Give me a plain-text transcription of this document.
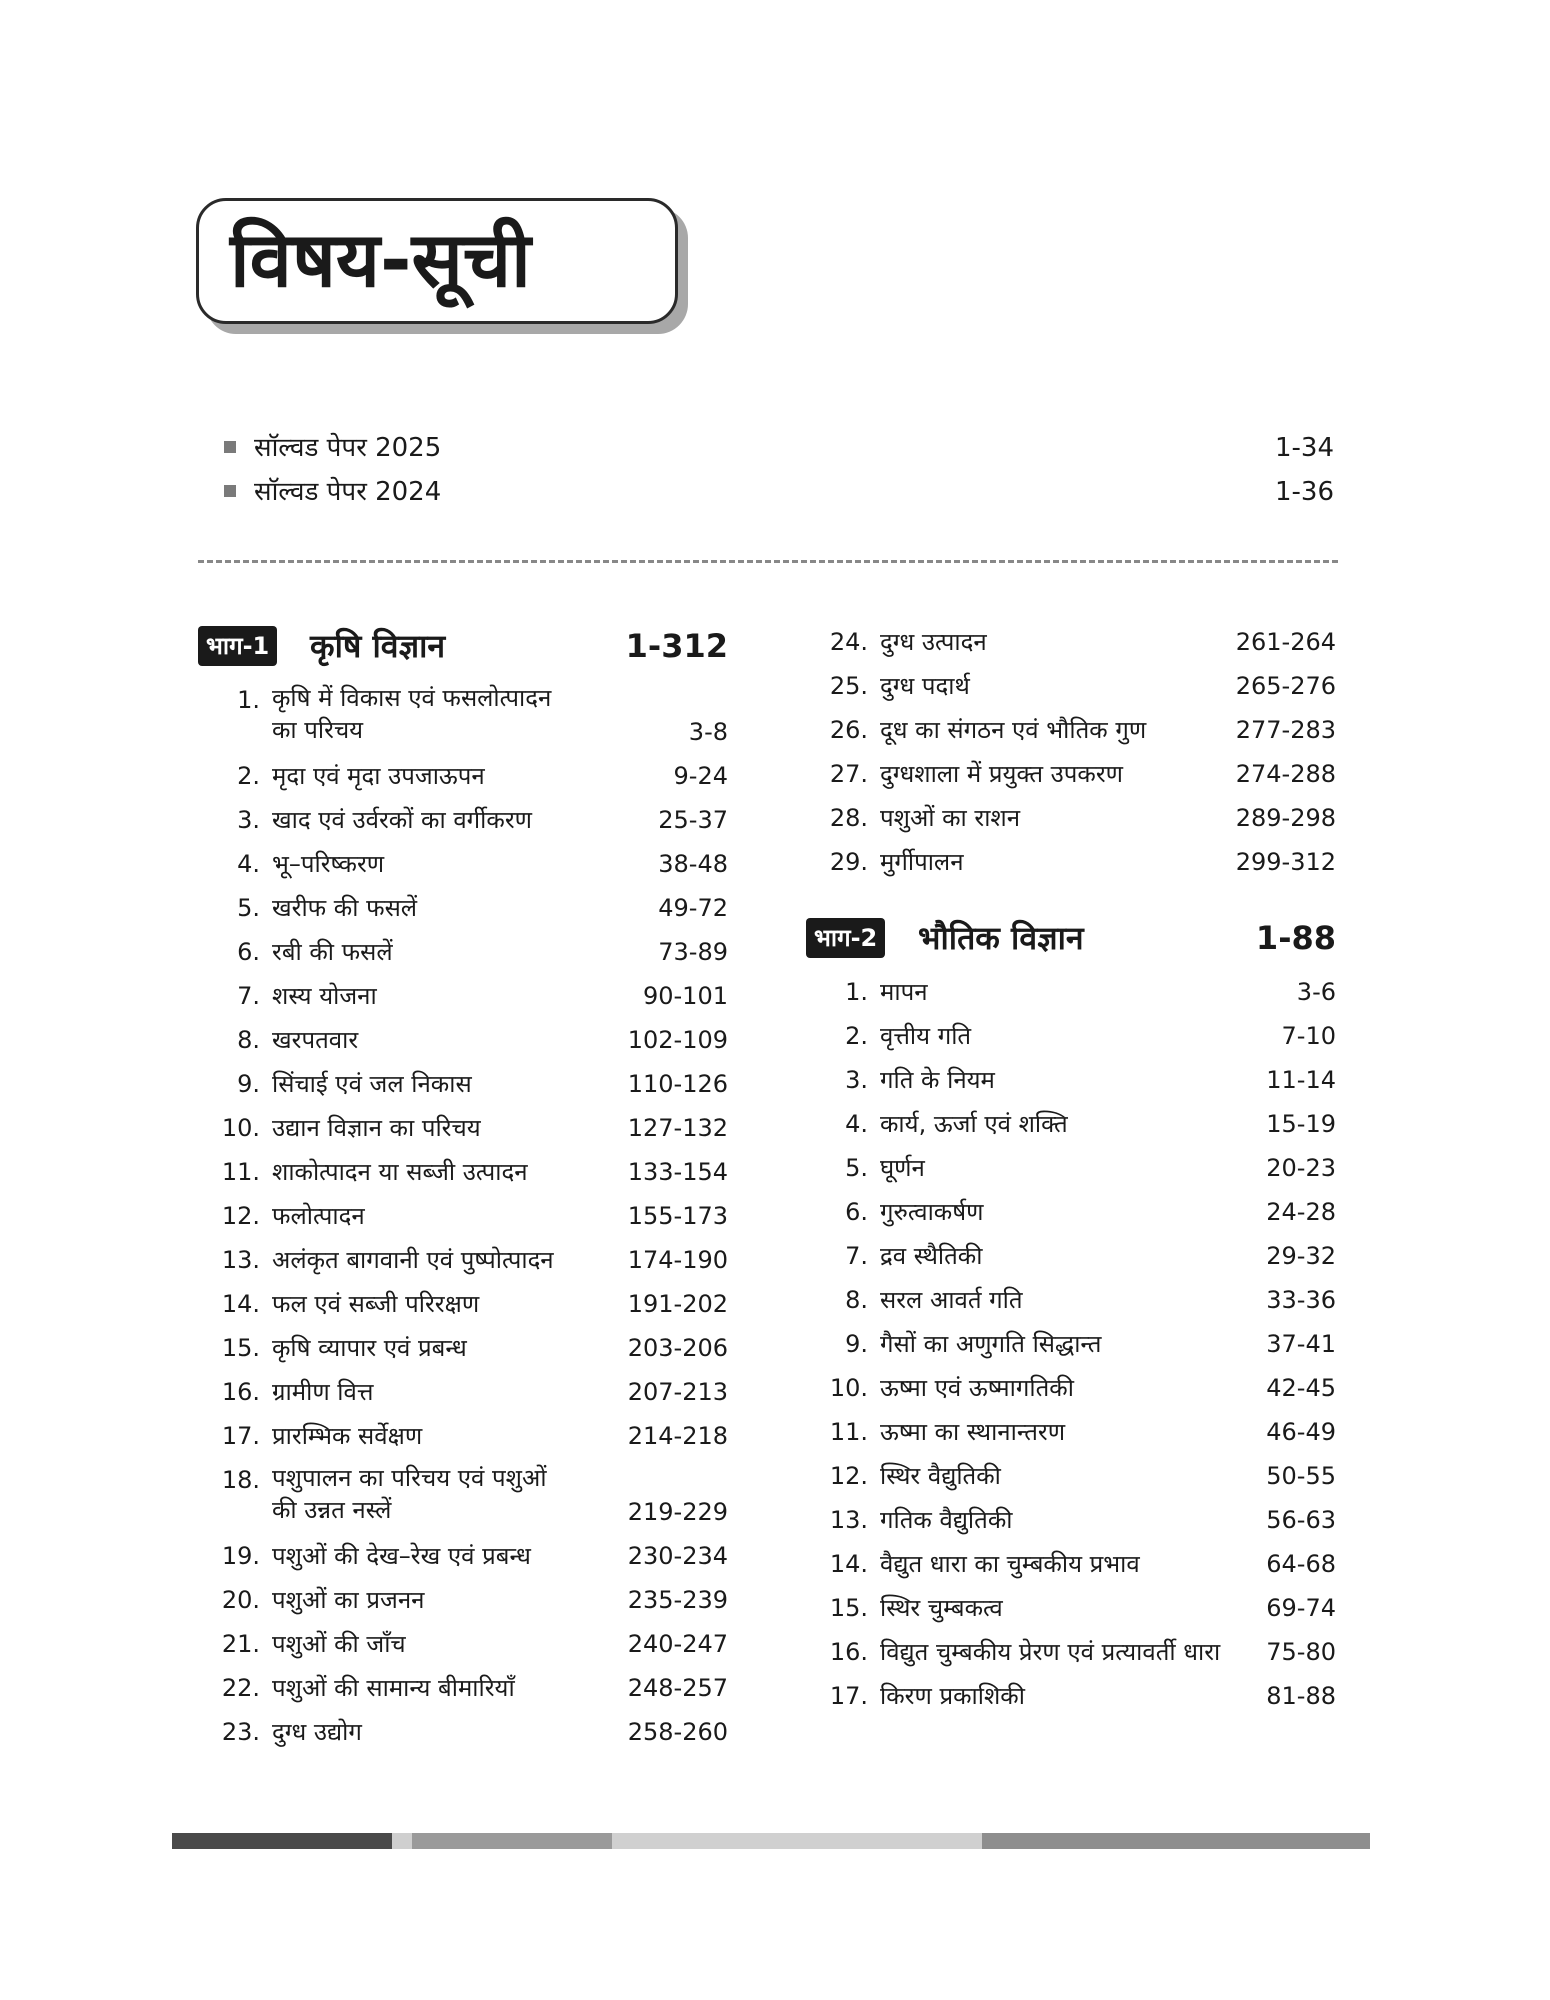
विषय-सूची
सॉल्वड पेपर 2025	1-34
सॉल्वड पेपर 2024	1-36
भाग-1 कृषि विज्ञान	1-312
1. कृषि में विकास एवं फसलोत्पादन
का परिचय	3-8
2. मृदा एवं मृदा उपजाऊपन	9-24
3. खाद एवं उर्वरकों का वर्गीकरण	25-37
4. भू–परिष्करण	38-48
5. खरीफ की फसलें	49-72
6. रबी की फसलें	73-89
7. शस्य योजना	90-101
8. खरपतवार	102-109
9. सिंचाई एवं जल निकास	110-126
10. उद्यान विज्ञान का परिचय	127-132
11. शाकोत्पादन या सब्जी उत्पादन	133-154
12. फलोत्पादन	155-173
13. अलंकृत बागवानी एवं पुष्पोत्पादन	174-190
14. फल एवं सब्जी परिरक्षण	191-202
15. कृषि व्यापार एवं प्रबन्ध	203-206
16. ग्रामीण वित्त	207-213
17. प्रारम्भिक सर्वेक्षण	214-218
18. पशुपालन का परिचय एवं पशुओं
की उन्नत नस्लें	219-229
19. पशुओं की देख–रेख एवं प्रबन्ध	230-234
20. पशुओं का प्रजनन	235-239
21. पशुओं की जाँच	240-247
22. पशुओं की सामान्य बीमारियाँ	248-257
23. दुग्ध उद्योग	258-260
24. दुग्ध उत्पादन	261-264
25. दुग्ध पदार्थ	265-276
26. दूध का संगठन एवं भौतिक गुण	277-283
27. दुग्धशाला में प्रयुक्त उपकरण	274-288
28. पशुओं का राशन	289-298
29. मुर्गीपालन	299-312
भाग-2 भौतिक विज्ञान	1-88
1. मापन	3-6
2. वृत्तीय गति	7-10
3. गति के नियम	11-14
4. कार्य, ऊर्जा एवं शक्ति	15-19
5. घूर्णन	20-23
6. गुरुत्वाकर्षण	24-28
7. द्रव स्थैतिकी	29-32
8. सरल आवर्त गति	33-36
9. गैसों का अणुगति सिद्धान्त	37-41
10. ऊष्मा एवं ऊष्मागतिकी	42-45
11. ऊष्मा का स्थानान्तरण	46-49
12. स्थिर वैद्युतिकी	50-55
13. गतिक वैद्युतिकी	56-63
14. वैद्युत धारा का चुम्बकीय प्रभाव	64-68
15. स्थिर चुम्बकत्व	69-74
16. विद्युत चुम्बकीय प्रेरण एवं प्रत्यावर्ती धारा 75-80
17. किरण प्रकाशिकी	81-88
